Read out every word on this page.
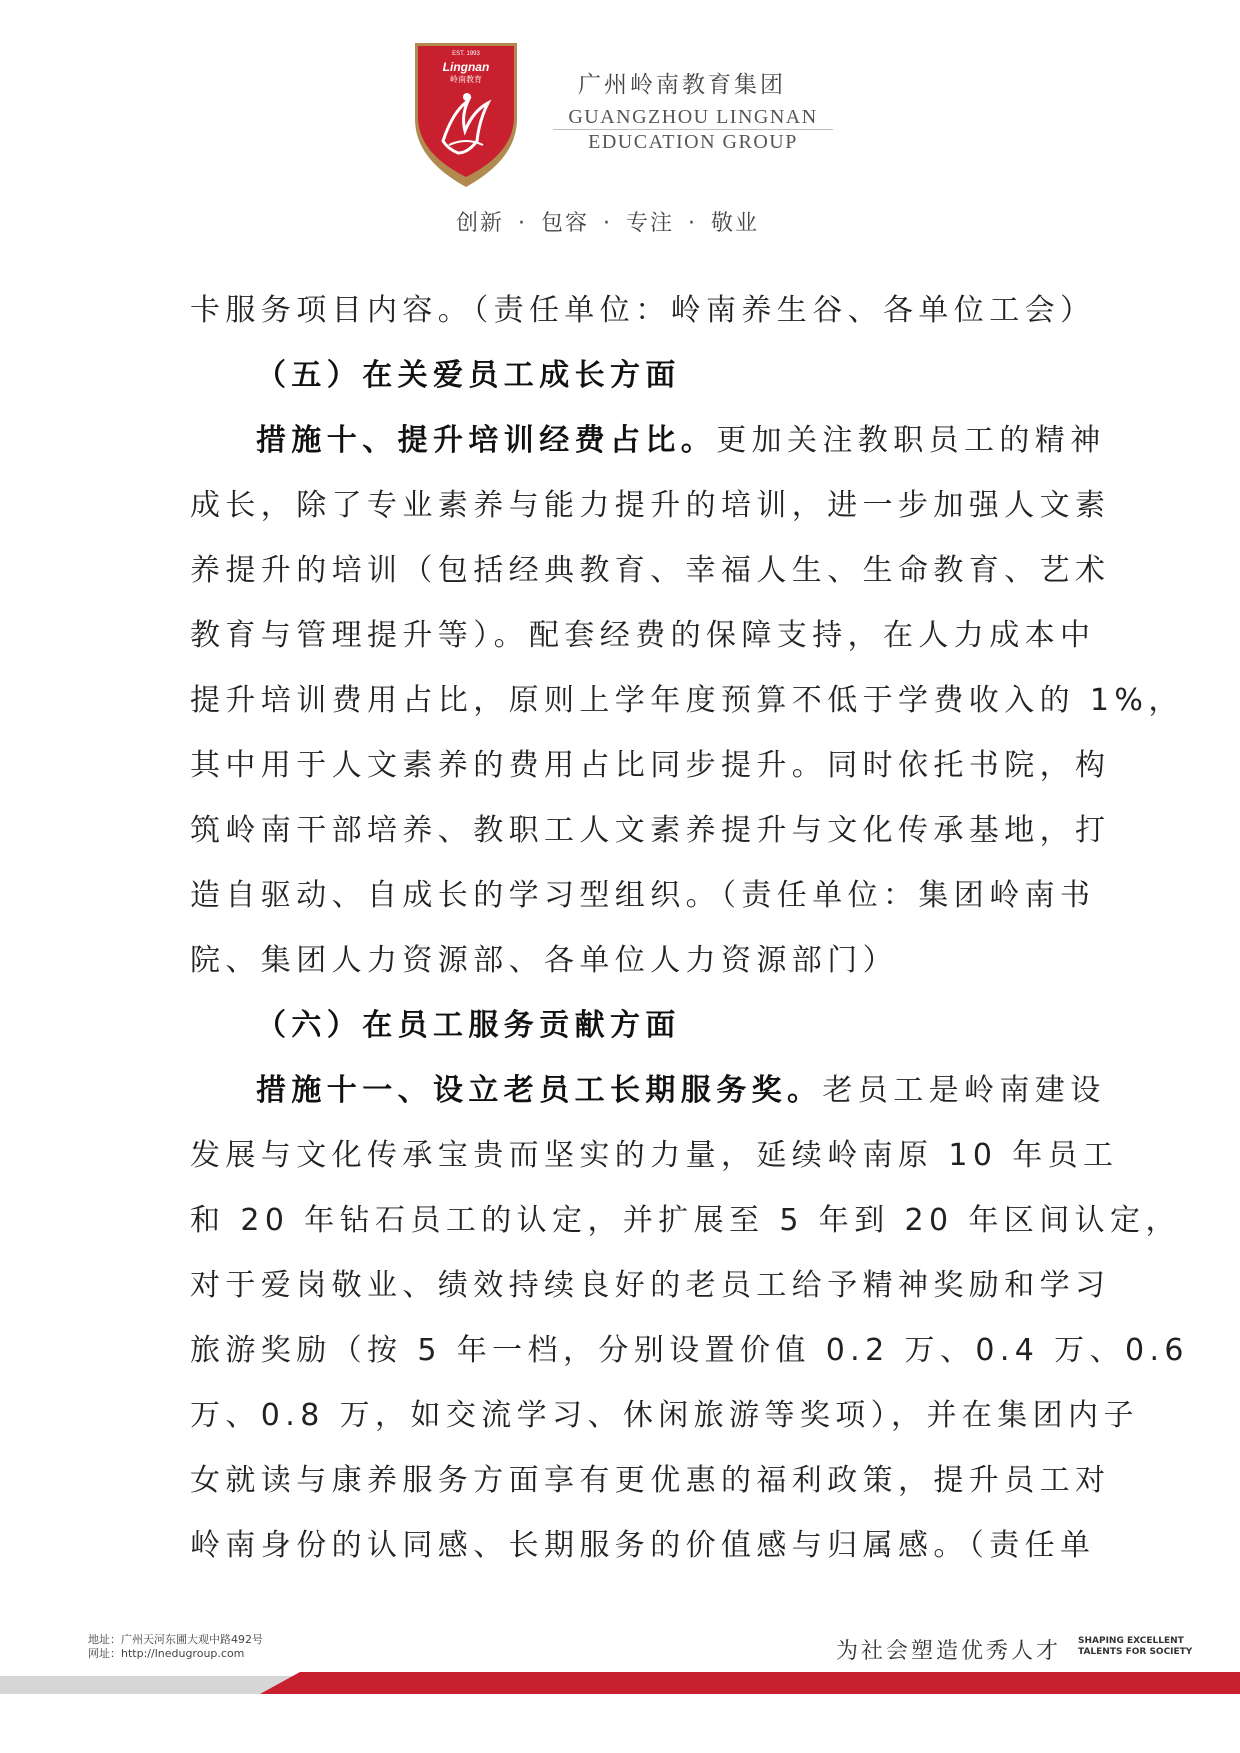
EST. 1993
Lingnan
岭南教育	广州岭南教育集团
GUANGZHOU LINGNAN
EDUCATION GROUP
创新 · 包容 · 专注 · 敬业
卡服务项目内容。（责任单位：岭南养生谷、各单位工会）
（五）在关爱员工成长方面
措施十、提升培训经费占比。更加关注教职员工的精神
成长，除了专业素养与能力提升的培训，进一步加强人文素
养提升的培训（包括经典教育、幸福人生、生命教育、艺术
教育与管理提升等）。配套经费的保障支持，在人力成本中
提升培训费用占比，原则上学年度预算不低于学费收入的 1%，
其中用于人文素养的费用占比同步提升。同时依托书院，构
筑岭南干部培养、教职工人文素养提升与文化传承基地，打
造自驱动、自成长的学习型组织。（责任单位：集团岭南书
院、集团人力资源部、各单位人力资源部门）
（六）在员工服务贡献方面
措施十一、设立老员工长期服务奖。老员工是岭南建设
发展与文化传承宝贵而坚实的力量，延续岭南原 10 年员工
和 20 年钻石员工的认定，并扩展至 5 年到 20 年区间认定，
对于爱岗敬业、绩效持续良好的老员工给予精神奖励和学习
旅游奖励（按 5 年一档，分别设置价值 0.2 万、0.4 万、0.6
万、0.8 万，如交流学习、休闲旅游等奖项），并在集团内子
女就读与康养服务方面享有更优惠的福利政策，提升员工对
岭南身份的认同感、长期服务的价值感与归属感。（责任单
地址：广州天河东圃大观中路492号
网址：http://lnedugroup.com	为社会塑造优秀人才 SHAPING EXCELLENT
TALENTS FOR SOCIETY
